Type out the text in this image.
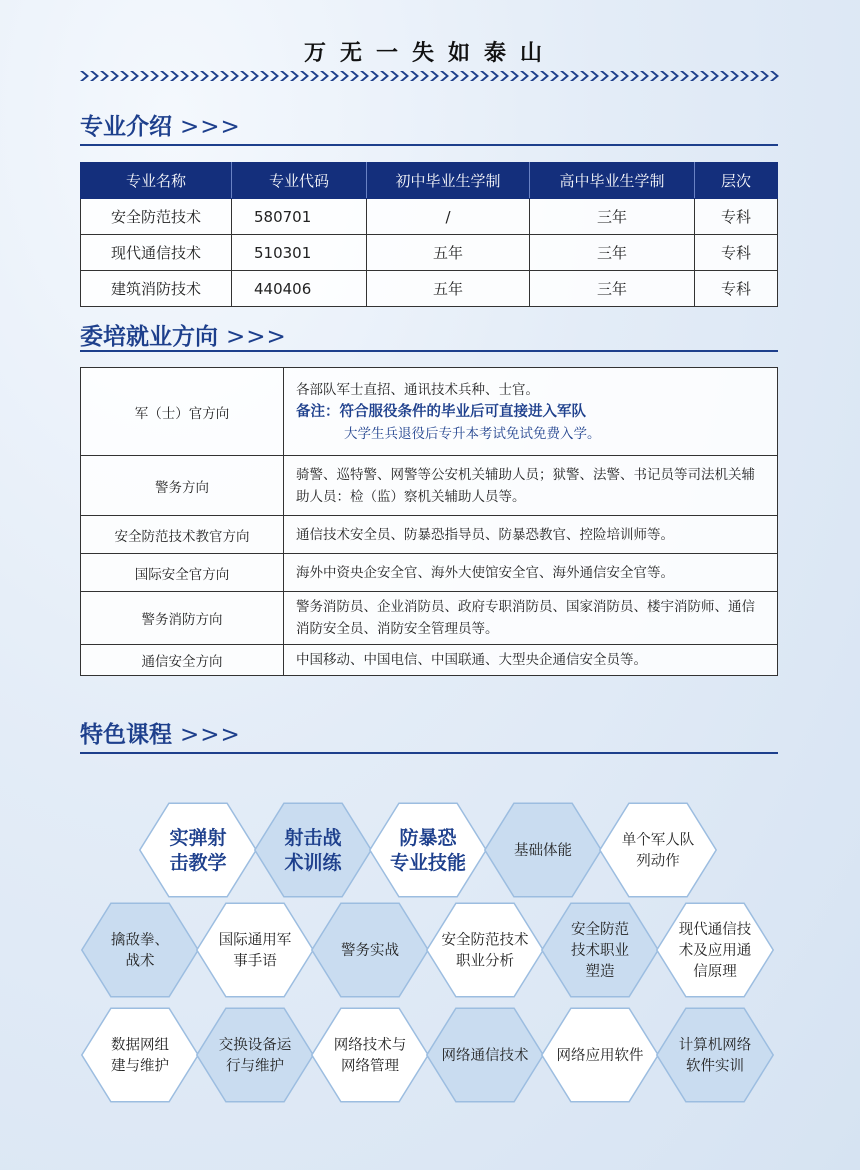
万无一失如泰山
专业介绍 >>>
专业名称	专业代码	初中毕业生学制	高中毕业生学制	层次
安全防范技术	580701	/	三年	专科
现代通信技术	510301	五年	三年	专科
建筑消防技术	440406	五年	三年	专科
委培就业方向 >>>
军（士）官方向	各部队军士直招、通讯技术兵种、士官。
备注：符合服役条件的毕业后可直接进入军队
大学生兵退役后专升本考试免试免费入学。

警务方向	骑警、巡特警、网警等公安机关辅助人员；狱警、法警、书记员等司法机关辅助人员：检（监）察机关辅助人员等。
安全防范技术教官方向	通信技术安全员、防暴恐指导员、防暴恐教官、控险培训师等。
国际安全官方向	海外中资央企安全官、海外大使馆安全官、海外通信安全官等。
警务消防方向	警务消防员、企业消防员、政府专职消防员、国家消防员、楼宇消防师、通信消防安全员、消防安全管理员等。
通信安全方向	中国移动、中国电信、中国联通、大型央企通信安全员等。
特色课程 >>>
实弹射
击教学
射击战
术训练
防暴恐
专业技能
基础体能
单个军人队
列动作
擒敌拳、
战术
国际通用军
事手语
警务实战
安全防范技术
职业分析
安全防范
技术职业
塑造
现代通信技
术及应用通
信原理
数据网组
建与维护
交换设备运
行与维护
网络技术与
网络管理
网络通信技术 网络应用软件
计算机网络
软件实训
